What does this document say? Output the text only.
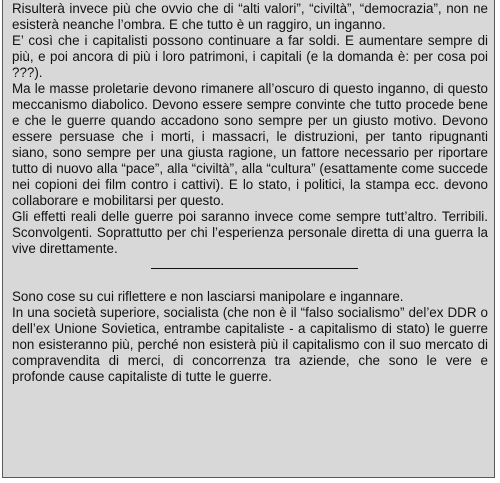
Risulterà invece più che ovvio che di “alti valori”, “civiltà”, “democrazia”, non ne esisterà neanche l’ombra. E che tutto è un raggiro, un inganno.

E’ così che i capitalisti possono continuare a far soldi. E aumentare sempre di più, e poi ancora di più i loro patrimoni, i capitali (e la domanda è: per cosa poi ???).

Ma le masse proletarie devono rimanere all’oscuro di questo inganno, di questo meccanismo diabolico. Devono essere sempre convinte che tutto procede bene e che le guerre quando accadono sono sempre per un giusto motivo. Devono essere persuase che i morti, i massacri, le distruzioni, per tanto ripugnanti siano, sono sempre per una giusta ragione, un fattore necessario per riportare tutto di nuovo alla “pace”, alla “civiltà”, alla “cultura” (esattamente come succede nei copioni dei film contro i cattivi). E lo stato, i politici, la stampa ecc. devono collaborare e mobilitarsi per questo.

Gli effetti reali delle guerre poi saranno invece come sempre tutt’altro. Terribili. Sconvolgenti. Soprattutto per chi l’esperienza personale diretta di una guerra la vive direttamente.

Sono cose su cui riflettere e non lasciarsi manipolare e ingannare.

In una società superiore, socialista (che non è il “falso socialismo” del’ex DDR o dell’ex Unione Sovietica, entrambe capitaliste - a capitalismo di stato) le guerre non esisteranno più, perché non esisterà più il capitalismo con il suo mercato di compravendita di merci, di concorrenza tra aziende, che sono le vere e profonde cause capitaliste di tutte le guerre.
